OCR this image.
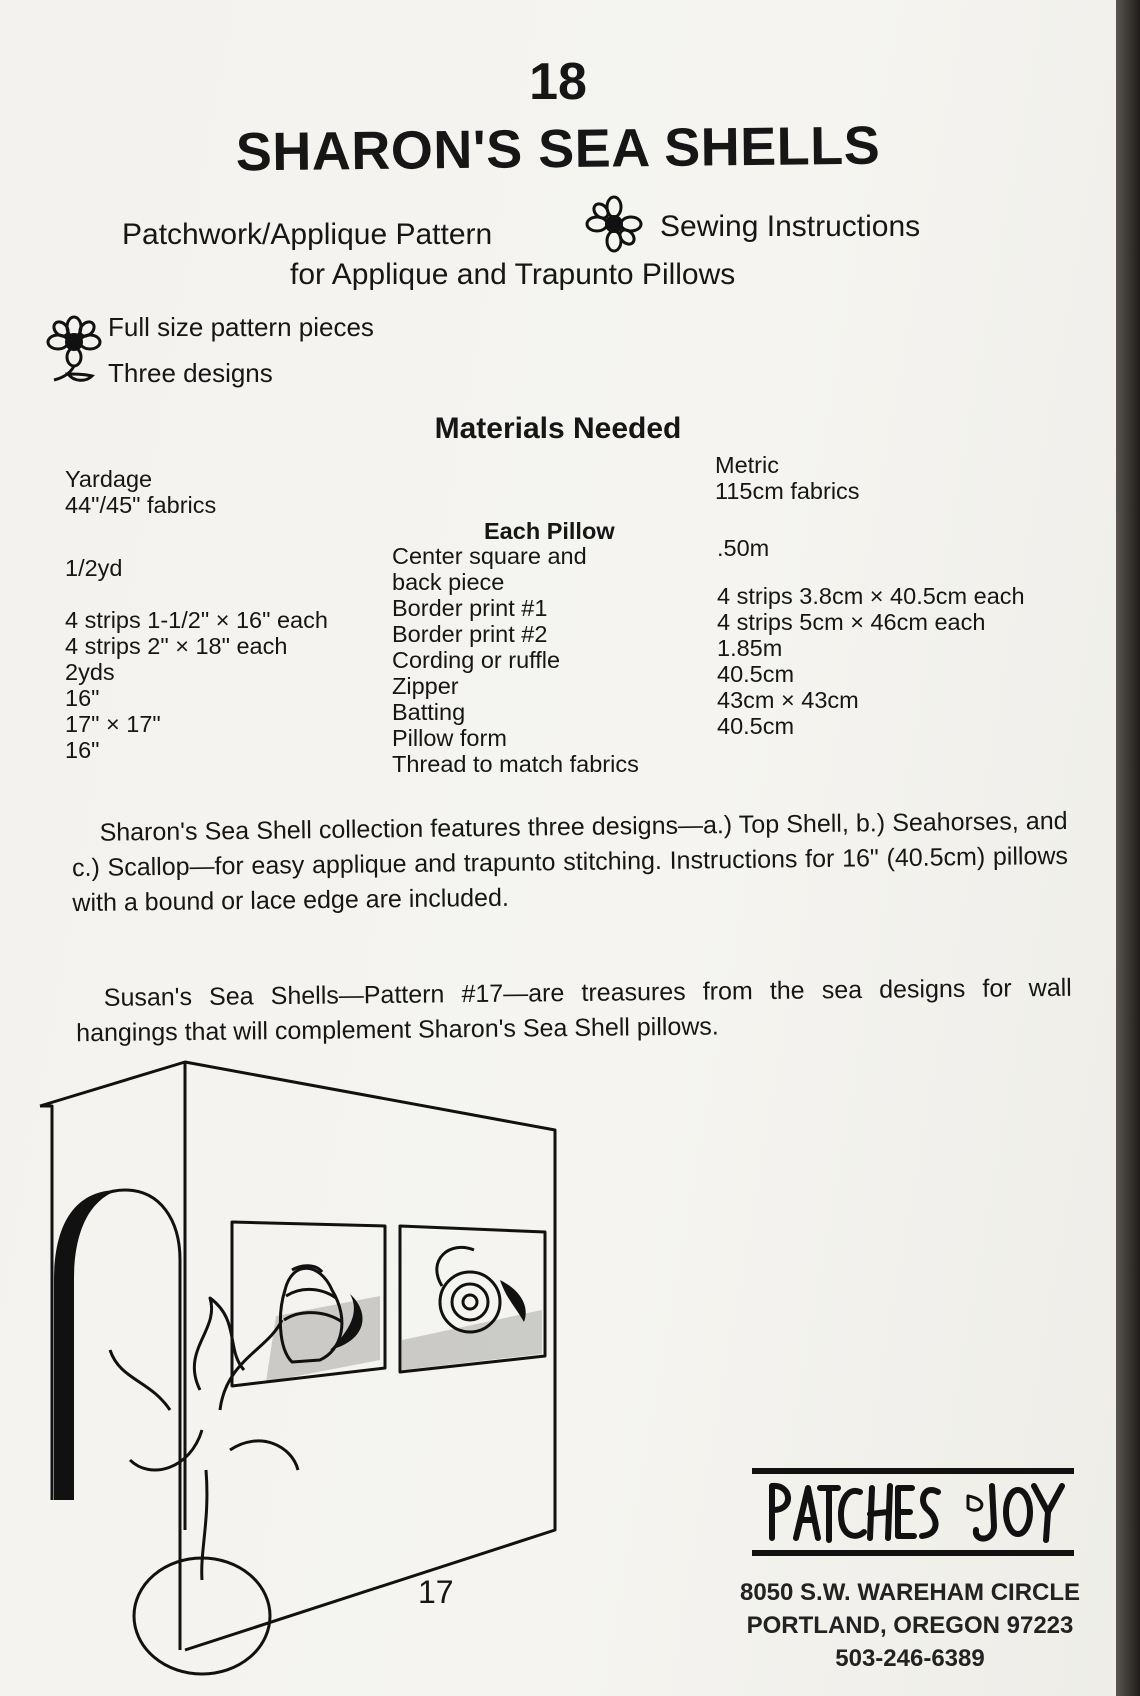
18
SHARON'S SEA SHELLS
Patchwork/Applique Pattern	Sewing Instructions
for Applique and Trapunto Pillows
Full size pattern pieces
Three designs
Materials Needed
Yardage
44"/45" fabrics
Metric
115cm fabrics
Each Pillow
1/2yd
4 strips 1-1/2" × 16" each
4 strips 2" × 18" each
2yds
16"
17" × 17"
16"
Center square and
back piece
Border print #1
Border print #2
Cording or ruffle
Zipper
Batting
Pillow form
Thread to match fabrics
.50m
4 strips 3.8cm × 40.5cm each
4 strips 5cm × 46cm each
1.85m
40.5cm
43cm × 43cm
40.5cm
Sharon's Sea Shell collection features three designs—a.) Top Shell, b.) Seahorses, and c.) Scallop—for easy applique and trapunto stitching. Instructions for 16" (40.5cm) pillows with a bound or lace edge are included.
Susan's Sea Shells—Pattern #17—are treasures from the sea designs for wall hangings that will complement Sharon's Sea Shell pillows.
17	8050 S.W. WAREHAM CIRCLE
PORTLAND, OREGON 97223
503-246-6389
